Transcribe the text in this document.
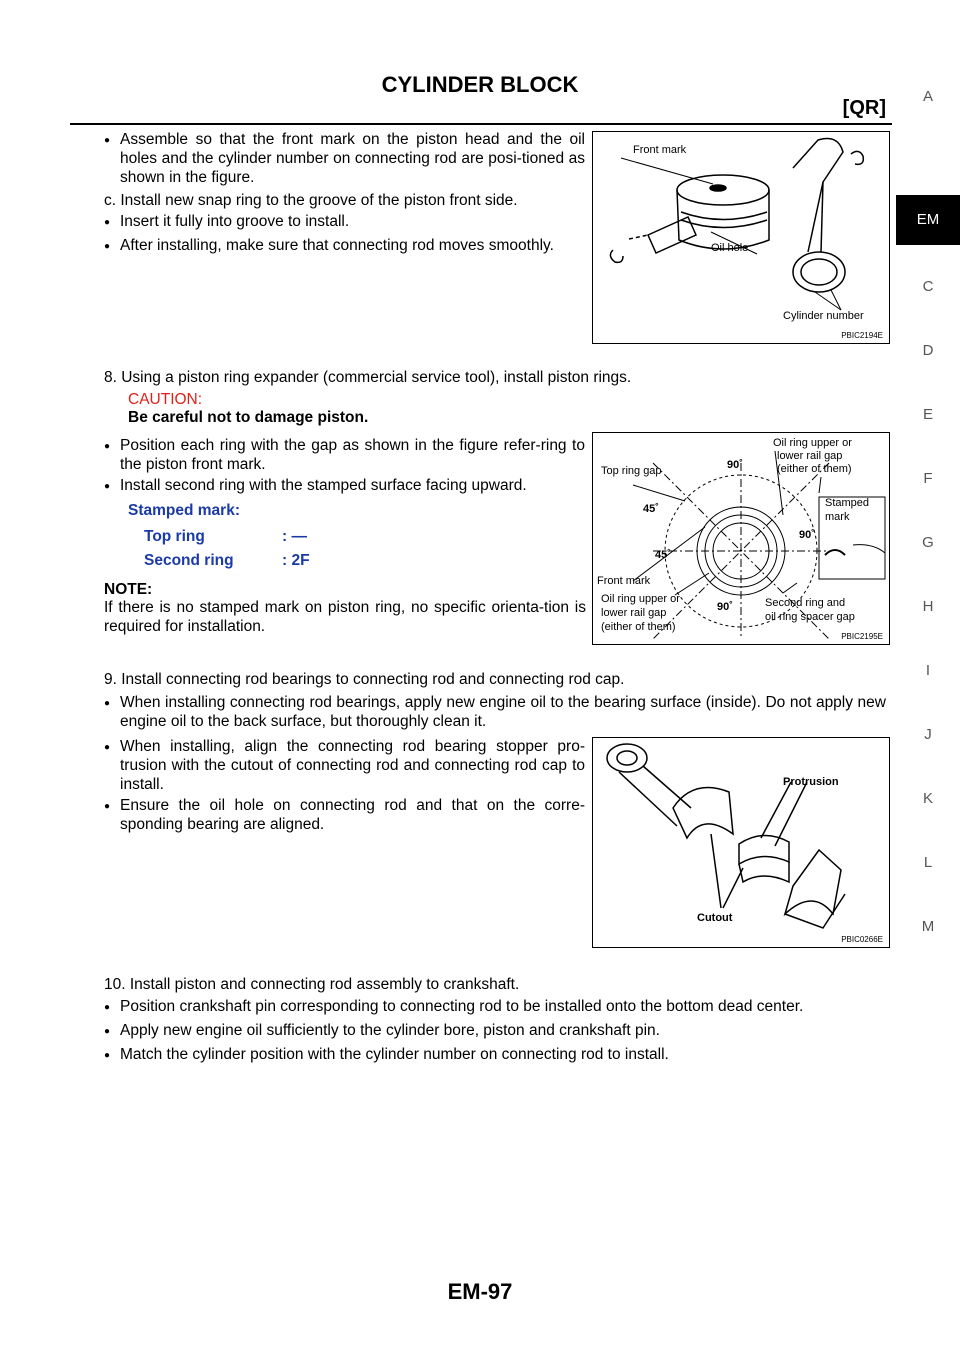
CYLINDER BLOCK
[QR]
A
EM
C
D
E
F
G
H
I
J
K
L
M
● Assemble so that the front mark on the piston head and the oil holes and the cylinder number on connecting rod are posi-tioned as shown in the figure.
c. Install new snap ring to the groove of the piston front side.
● Insert it fully into groove to install.
● After installing, make sure that connecting rod moves smoothly.
Front mark
Oil hole
Cylinder number
PBIC2194E
8. Using a piston ring expander (commercial service tool), install piston rings.
CAUTION:
Be careful not to damage piston.
● Position each ring with the gap as shown in the figure refer-ring to the piston front mark.
● Install second ring with the stamped surface facing upward.
Stamped mark:
Top ring	: —
Second ring	: 2F
NOTE:
If there is no stamped mark on piston ring, no specific orienta-tion is required for installation.
Top ring gap
Oil ring upper or
lower rail gap
(either of them)
Stamped
mark
Front mark
Oil ring upper or
lower rail gap
(either of them)
Second ring and
oil ring spacer gap
90˚
45˚
45˚
90˚
90˚
PBIC2195E
9. Install connecting rod bearings to connecting rod and connecting rod cap.
● When installing connecting rod bearings, apply new engine oil to the bearing surface (inside). Do not apply new engine oil to the back surface, but thoroughly clean it.
● When installing, align the connecting rod bearing stopper pro-trusion with the cutout of connecting rod and connecting rod cap to install.
● Ensure the oil hole on connecting rod and that on the corre-sponding bearing are aligned.
Protrusion
Cutout
PBIC0266E
10. Install piston and connecting rod assembly to crankshaft.
● Position crankshaft pin corresponding to connecting rod to be installed onto the bottom dead center.
● Apply new engine oil sufficiently to the cylinder bore, piston and crankshaft pin.
● Match the cylinder position with the cylinder number on connecting rod to install.
EM-97
